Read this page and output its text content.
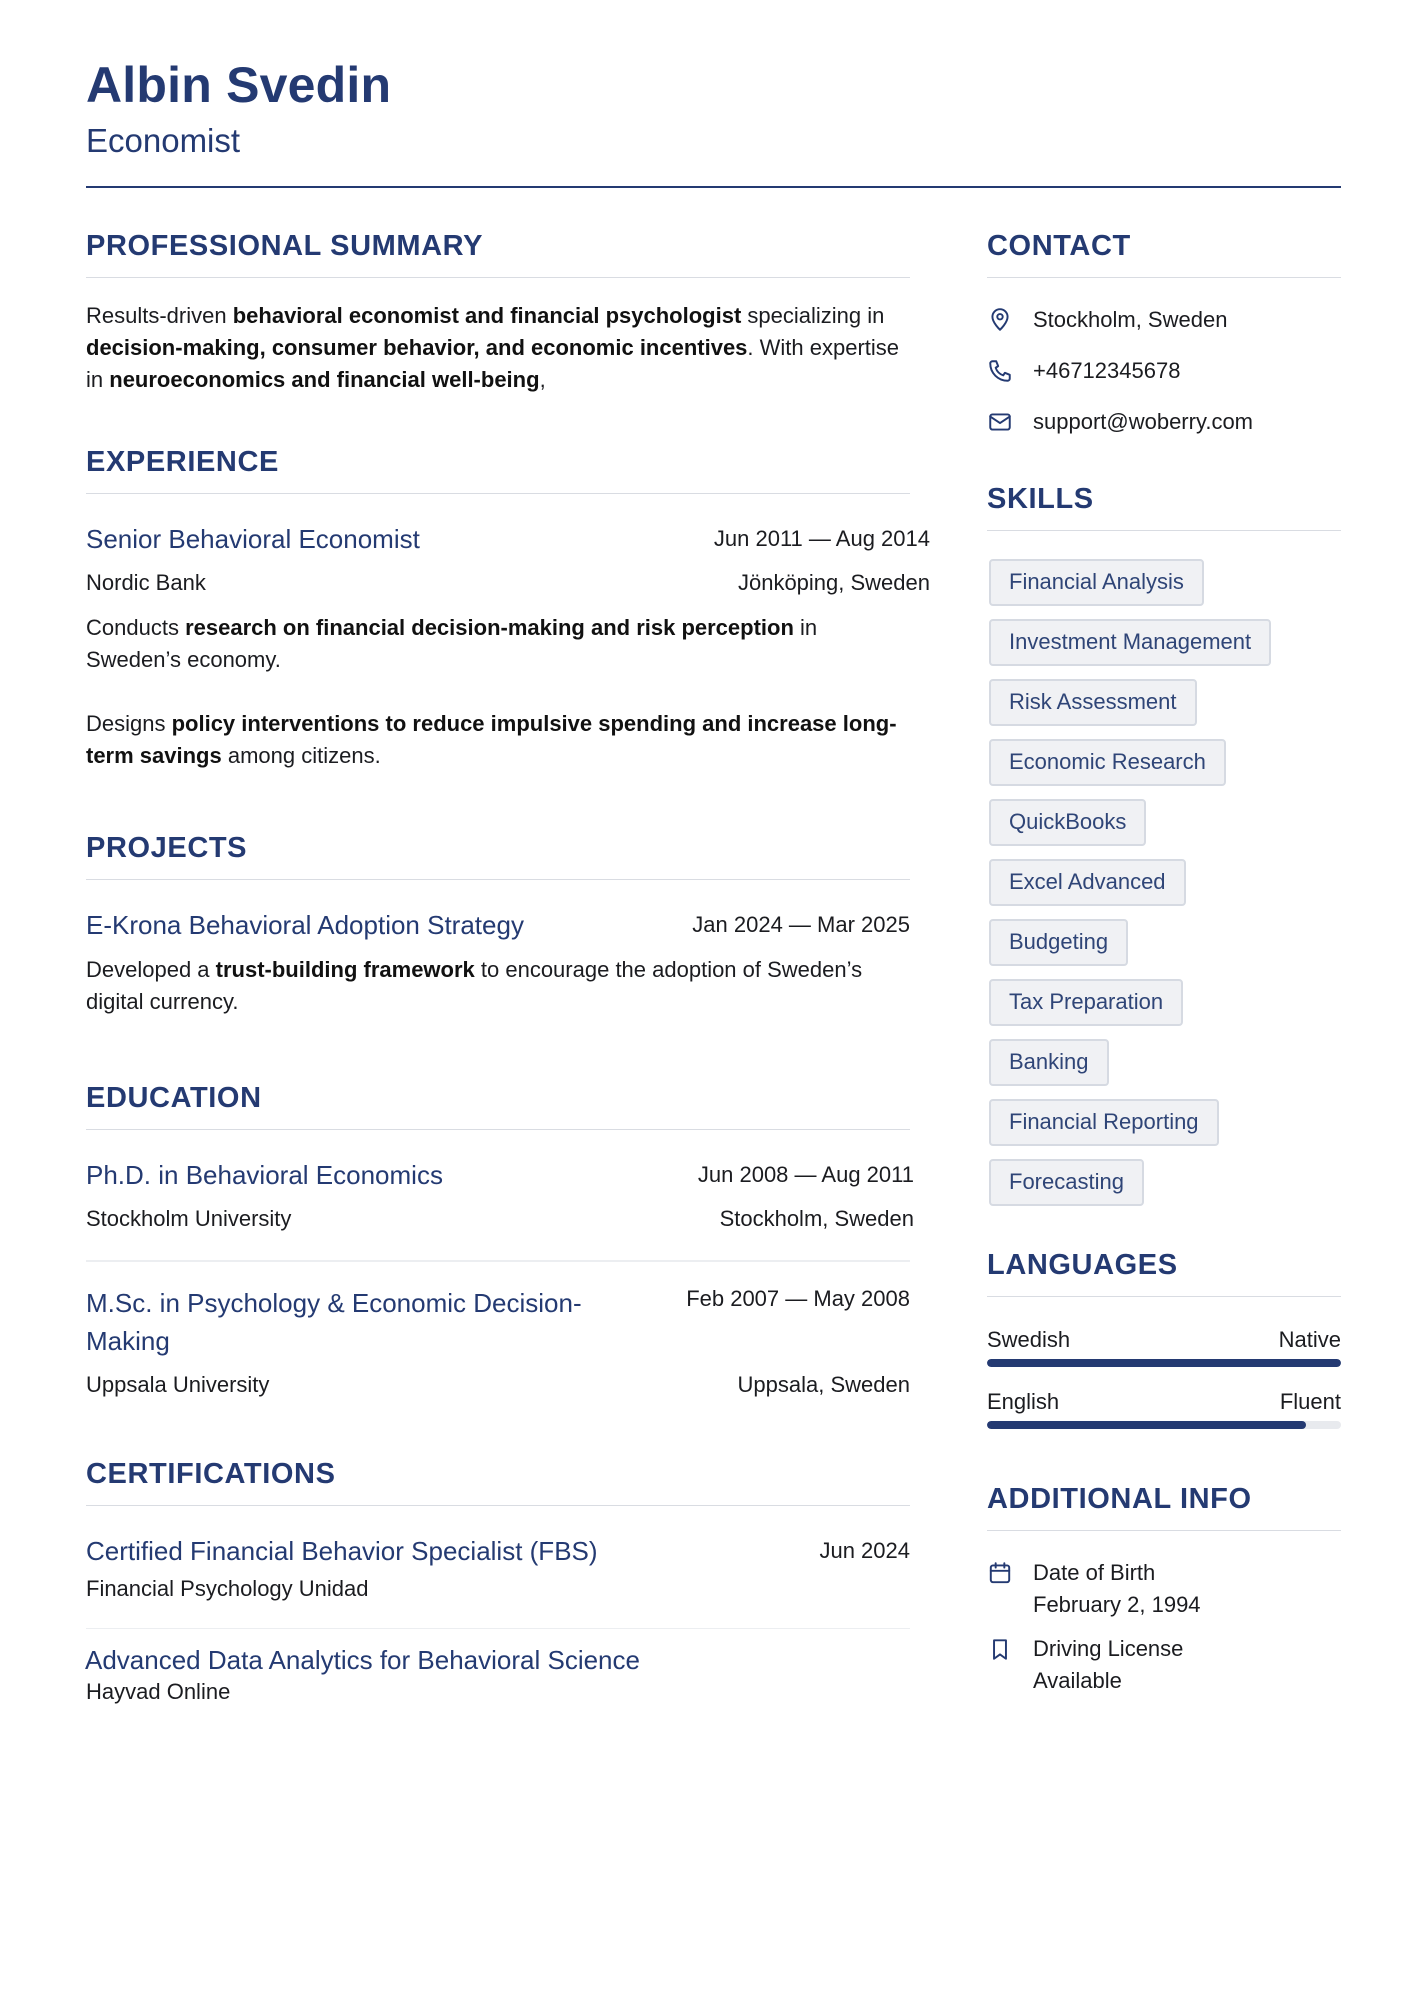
Albin Svedin
Economist
PROFESSIONAL SUMMARY

Results-driven behavioral economist and financial psychologist specializing in decision-making, consumer behavior, and economic incentives. With expertise in neuroeconomics and financial well-being,

EXPERIENCE
Senior Behavioral Economist	Jun 2011 — Aug 2014
Nordic Bank	Jönköping, Sweden

Conducts research on financial decision-making and risk perception in Sweden’s economy.

Designs policy interventions to reduce impulsive spending and increase long-term savings among citizens.

PROJECTS
E-Krona Behavioral Adoption Strategy	Jan 2024 — Mar 2025

Developed a trust-building framework to encourage the adoption of Sweden’s digital currency.

EDUCATION
Ph.D. in Behavioral Economics	Jun 2008 — Aug 2011
Stockholm University	Stockholm, Sweden
M.Sc. in Psychology & Economic Decision-Making
Feb 2007 — May 2008
Uppsala University	Uppsala, Sweden
CERTIFICATIONS
Certified Financial Behavior Specialist (FBS)	Jun 2024
Financial Psychology Unidad
Advanced Data Analytics for Behavioral Science
Hayvad Online
CONTACT
Stockholm, Sweden
+46712345678
support@woberry.com
SKILLS
Financial Analysis
Investment Management
Risk Assessment
Economic Research
QuickBooks
Excel Advanced
Budgeting
Tax Preparation
Banking
Financial Reporting
Forecasting
LANGUAGES
Swedish	Native
English	Fluent
ADDITIONAL INFO
Date of Birth
February 2, 1994
Driving License
Available
